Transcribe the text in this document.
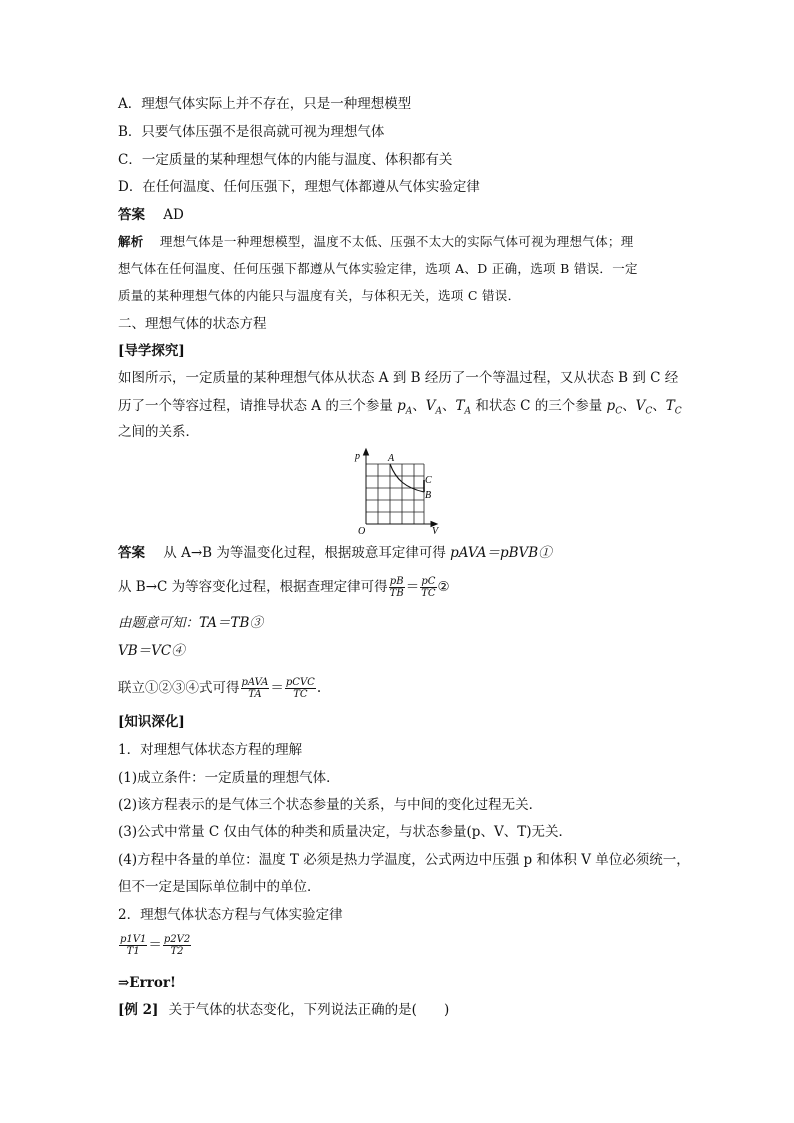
A．理想气体实际上并不存在，只是一种理想模型
B．只要气体压强不是很高就可视为理想气体
C．一定质量的某种理想气体的内能与温度、体积都有关
D．在任何温度、任何压强下，理想气体都遵从气体实验定律
答案 AD
解析 理想气体是一种理想模型，温度不太低、压强不太大的实际气体可视为理想气体；理
想气体在任何温度、任何压强下都遵从气体实验定律，选项 A、D 正确，选项 B 错误．一定
质量的某种理想气体的内能只与温度有关，与体积无关，选项 C 错误．
二、理想气体的状态方程
[导学探究]
如图所示，一定质量的某种理想气体从状态 A 到 B 经历了一个等温过程，又从状态 B 到 C 经
历了一个等容过程，请推导状态 A 的三个参量 $p_A$、$V_A$、$T_A$ 和状态 C 的三个参量 $p_C$、$V_C$、$T_C$
之间的关系．
p
V
O
A
C
B
答案 从 A→B 为等温变化过程，根据玻意耳定律可得 pAVA＝pBVB①
从 B→C 为等容变化过程，根据查理定律可得 $\frac{pB}{TB} = \frac{pC}{TC}$ ②
由题意可知：TA＝TB③
VB＝VC④
联立①②③④式可得 $\frac{\text{pAVA}}{TA} = \frac{\text{pCVC}}{TC}$ .
[知识深化]
1．对理想气体状态方程的理解
(1)成立条件：一定质量的理想气体．
(2)该方程表示的是气体三个状态参量的关系，与中间的变化过程无关．
(3)公式中常量 C 仅由气体的种类和质量决定，与状态参量(p、V、T)无关．
(4)方程中各量的单位：温度 T 必须是热力学温度，公式两边中压强 p 和体积 V 单位必须统一，
但不一定是国际单位制中的单位．
2．理想气体状态方程与气体实验定律
$\frac{p1V1}{T1} = \frac{p2V2}{T2}$
⇒Error!
[例 2] 关于气体的状态变化，下列说法正确的是(　　)
